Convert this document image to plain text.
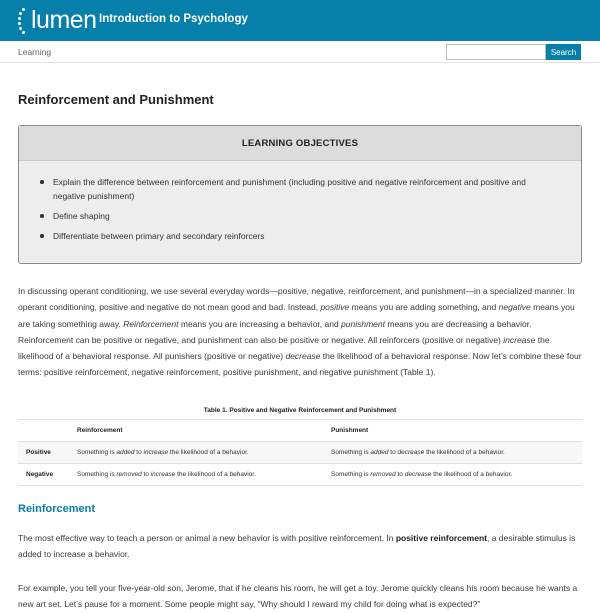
lumen Introduction to Psychology
Learning	Search
Reinforcement and Punishment
LEARNING OBJECTIVES
Explain the difference between reinforcement and punishment (including positive and negative reinforcement and positive and negative punishment)
Define shaping
Differentiate between primary and secondary reinforcers

In discussing operant conditioning, we use several everyday words—positive, negative, reinforcement, and punishment—in a specialized manner. In operant conditioning, positive and negative do not mean good and bad. Instead, positive means you are adding something, and negative means you are taking something away. Reinforcement means you are increasing a behavior, and punishment means you are decreasing a behavior. Reinforcement can be positive or negative, and punishment can also be positive or negative. All reinforcers (positive or negative) increase the likelihood of a behavioral response. All punishers (positive or negative) decrease the likelihood of a behavioral response. Now let’s combine these four terms: positive reinforcement, negative reinforcement, positive punishment, and negative punishment (Table 1).

Table 1. Positive and Negative Reinforcement and Punishment
	Reinforcement	Punishment
Positive	Something is added to increase the likelihood of a behavior.	Something is added to decrease the likelihood of a behavior.
Negative	Something is removed to increase the likelihood of a behavior.	Something is removed to decrease the likelihood of a behavior.
Reinforcement

The most effective way to teach a person or animal a new behavior is with positive reinforcement. In positive reinforcement, a desirable stimulus is added to increase a behavior.

For example, you tell your five-year-old son, Jerome, that if he cleans his room, he will get a toy. Jerome quickly cleans his room because he wants a new art set. Let’s pause for a moment. Some people might say, “Why should I reward my child for doing what is expected?”
